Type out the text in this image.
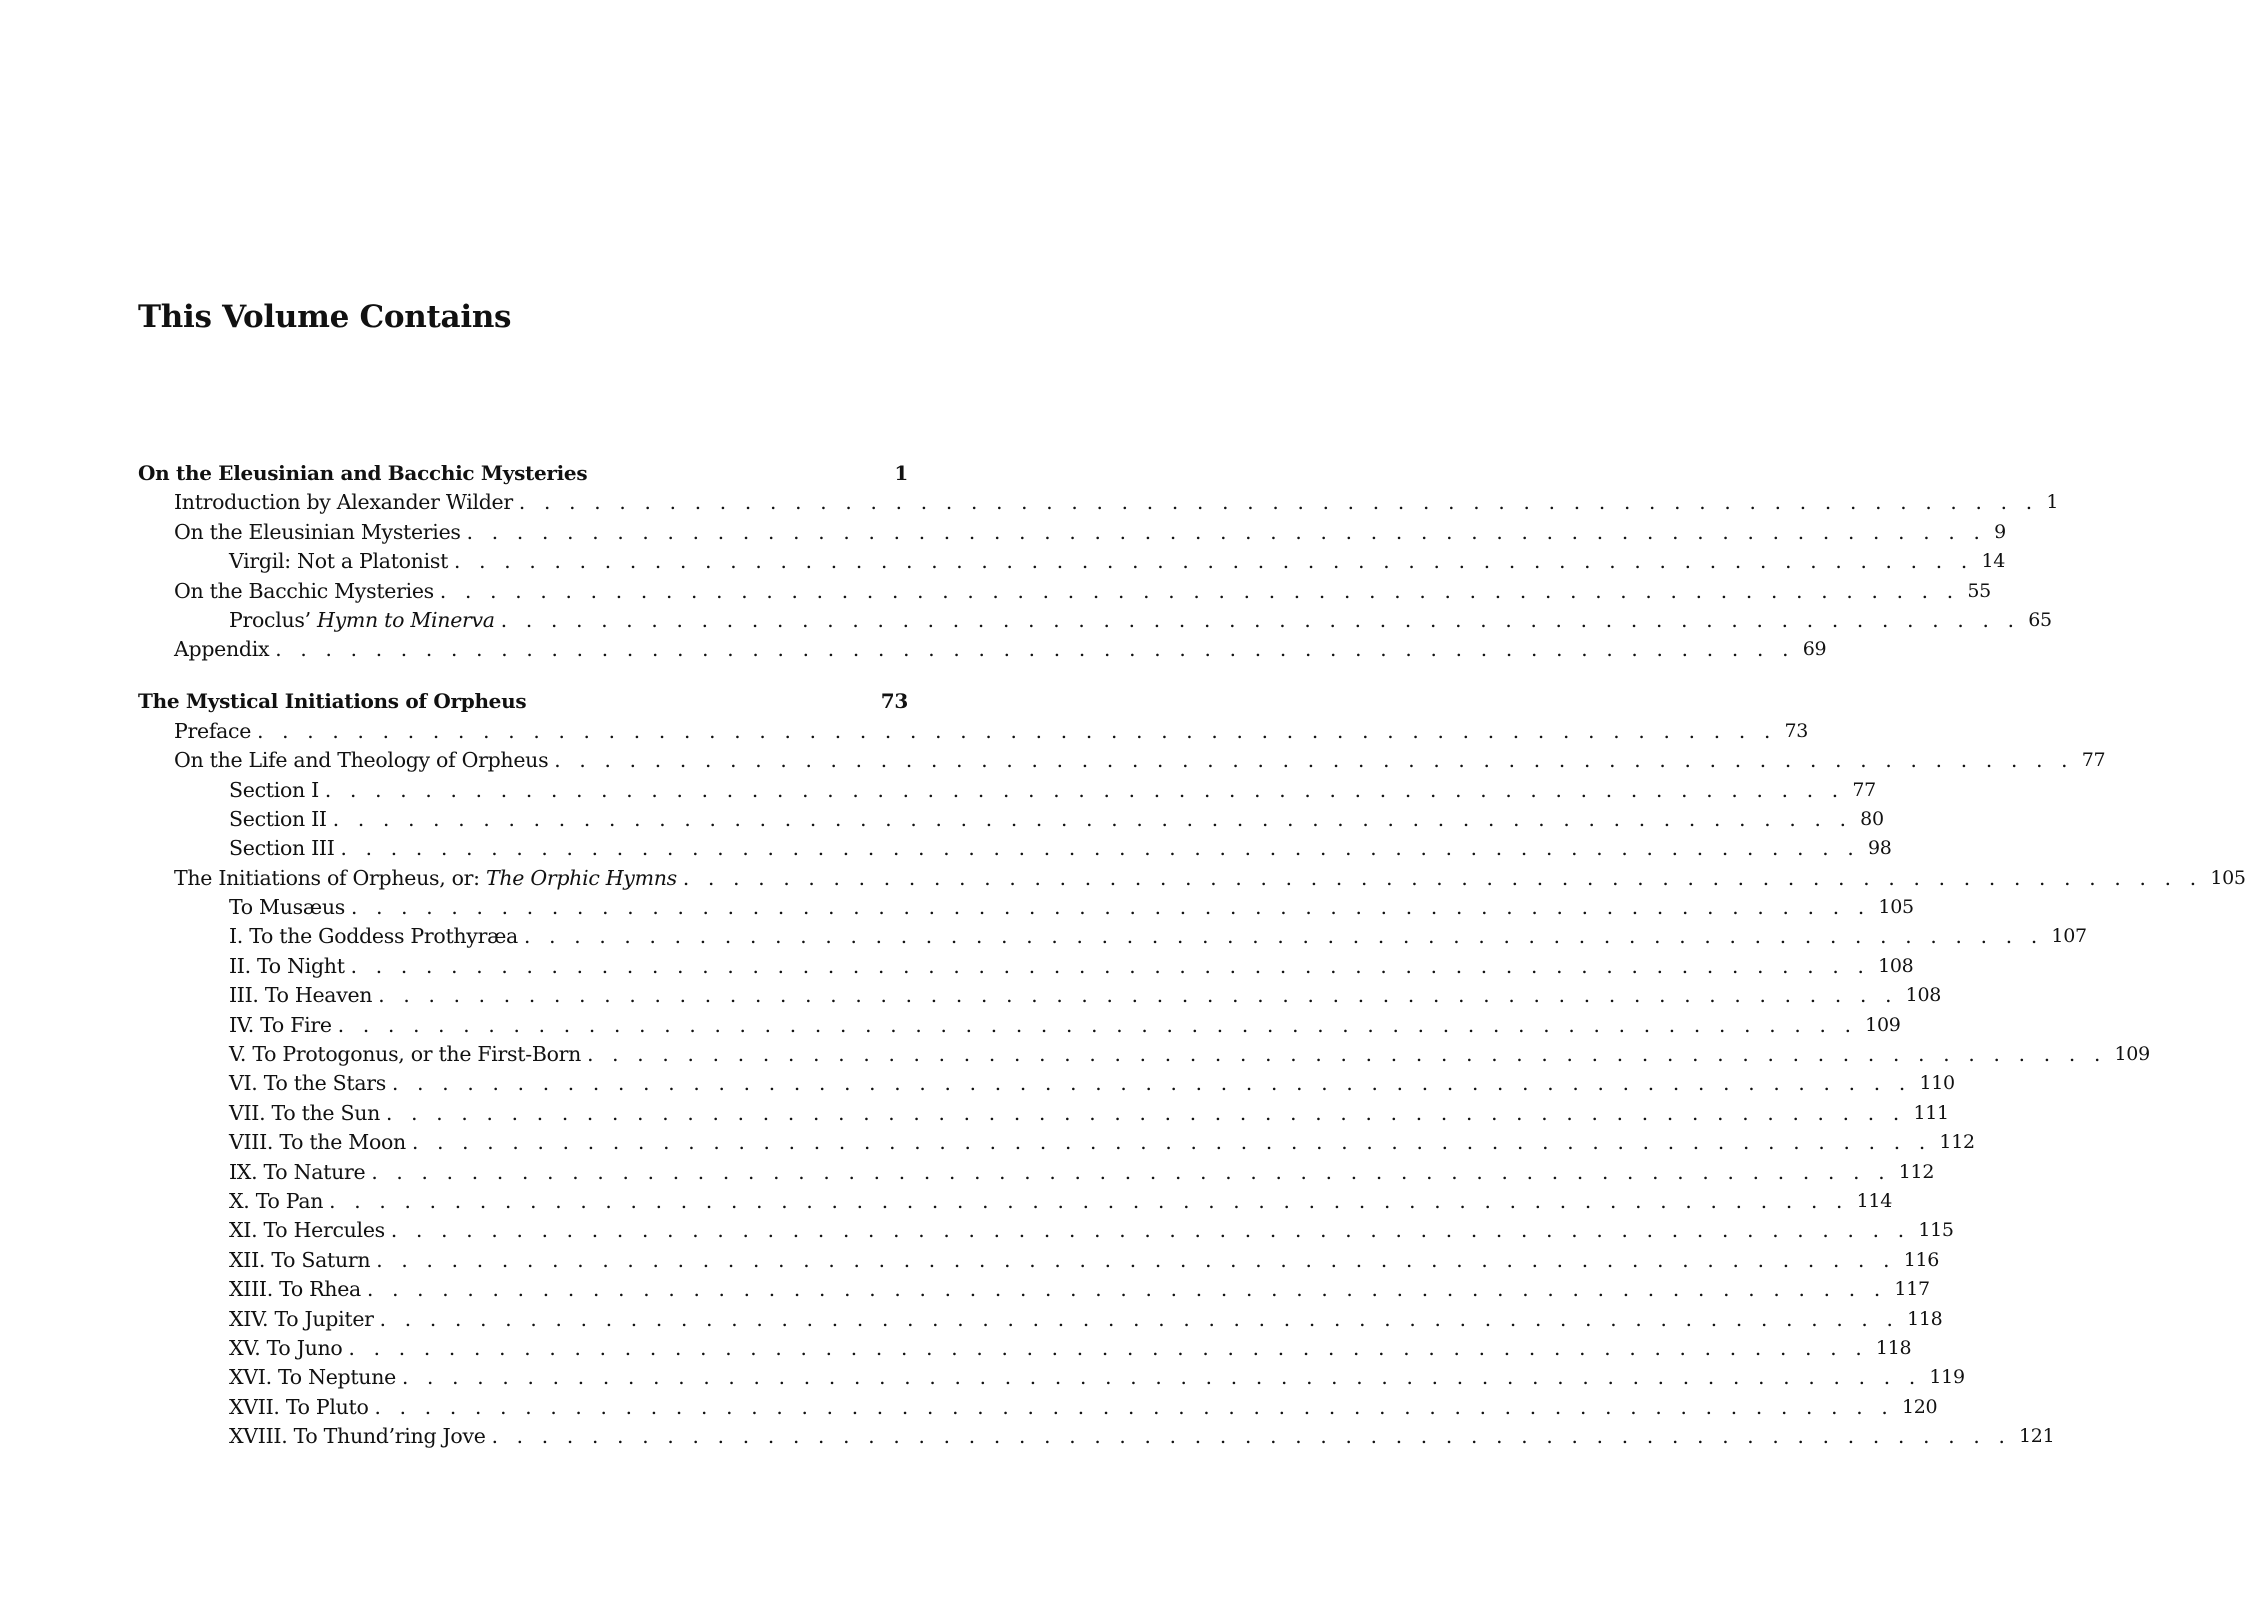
This Volume Contains
On the Eleusinian and Bacchic Mysteries	1
Introduction by Alexander Wilder . . . . . . . . . . . . . . . . . . . . . . . . . . . . . . . . . . . . . . . . . . . . . . . . . . . . . . . . . . . . . 1
On the Eleusinian Mysteries . . . . . . . . . . . . . . . . . . . . . . . . . . . . . . . . . . . . . . . . . . . . . . . . . . . . . . . . . . . . . 9
Virgil: Not a Platonist . . . . . . . . . . . . . . . . . . . . . . . . . . . . . . . . . . . . . . . . . . . . . . . . . . . . . . . . . . . . . 14
On the Bacchic Mysteries . . . . . . . . . . . . . . . . . . . . . . . . . . . . . . . . . . . . . . . . . . . . . . . . . . . . . . . . . . . . . 55
Proclus’ Hymn to Minerva . . . . . . . . . . . . . . . . . . . . . . . . . . . . . . . . . . . . . . . . . . . . . . . . . . . . . . . . . . . . . 65
Appendix . . . . . . . . . . . . . . . . . . . . . . . . . . . . . . . . . . . . . . . . . . . . . . . . . . . . . . . . . . . . . 69
The Mystical Initiations of Orpheus	73
Preface . . . . . . . . . . . . . . . . . . . . . . . . . . . . . . . . . . . . . . . . . . . . . . . . . . . . . . . . . . . . . 73
On the Life and Theology of Orpheus . . . . . . . . . . . . . . . . . . . . . . . . . . . . . . . . . . . . . . . . . . . . . . . . . . . . . . . . . . . . . 77
Section I . . . . . . . . . . . . . . . . . . . . . . . . . . . . . . . . . . . . . . . . . . . . . . . . . . . . . . . . . . . . . 77
Section II . . . . . . . . . . . . . . . . . . . . . . . . . . . . . . . . . . . . . . . . . . . . . . . . . . . . . . . . . . . . . 80
Section III . . . . . . . . . . . . . . . . . . . . . . . . . . . . . . . . . . . . . . . . . . . . . . . . . . . . . . . . . . . . . 98
The Initiations of Orpheus, or: The Orphic Hymns . . . . . . . . . . . . . . . . . . . . . . . . . . . . . . . . . . . . . . . . . . . . . . . . . . . . . . . . . . . . . 105
To Musæus . . . . . . . . . . . . . . . . . . . . . . . . . . . . . . . . . . . . . . . . . . . . . . . . . . . . . . . . . . . . . 105
I. To the Goddess Prothyræa . . . . . . . . . . . . . . . . . . . . . . . . . . . . . . . . . . . . . . . . . . . . . . . . . . . . . . . . . . . . . 107
II. To Night . . . . . . . . . . . . . . . . . . . . . . . . . . . . . . . . . . . . . . . . . . . . . . . . . . . . . . . . . . . . . 108
III. To Heaven . . . . . . . . . . . . . . . . . . . . . . . . . . . . . . . . . . . . . . . . . . . . . . . . . . . . . . . . . . . . . 108
IV. To Fire . . . . . . . . . . . . . . . . . . . . . . . . . . . . . . . . . . . . . . . . . . . . . . . . . . . . . . . . . . . . . 109
V. To Protogonus, or the First-Born . . . . . . . . . . . . . . . . . . . . . . . . . . . . . . . . . . . . . . . . . . . . . . . . . . . . . . . . . . . . . 109
VI. To the Stars . . . . . . . . . . . . . . . . . . . . . . . . . . . . . . . . . . . . . . . . . . . . . . . . . . . . . . . . . . . . . 110
VII. To the Sun . . . . . . . . . . . . . . . . . . . . . . . . . . . . . . . . . . . . . . . . . . . . . . . . . . . . . . . . . . . . . 111
VIII. To the Moon . . . . . . . . . . . . . . . . . . . . . . . . . . . . . . . . . . . . . . . . . . . . . . . . . . . . . . . . . . . . . 112
IX. To Nature . . . . . . . . . . . . . . . . . . . . . . . . . . . . . . . . . . . . . . . . . . . . . . . . . . . . . . . . . . . . . 112
X. To Pan . . . . . . . . . . . . . . . . . . . . . . . . . . . . . . . . . . . . . . . . . . . . . . . . . . . . . . . . . . . . . 114
XI. To Hercules . . . . . . . . . . . . . . . . . . . . . . . . . . . . . . . . . . . . . . . . . . . . . . . . . . . . . . . . . . . . . 115
XII. To Saturn . . . . . . . . . . . . . . . . . . . . . . . . . . . . . . . . . . . . . . . . . . . . . . . . . . . . . . . . . . . . . 116
XIII. To Rhea . . . . . . . . . . . . . . . . . . . . . . . . . . . . . . . . . . . . . . . . . . . . . . . . . . . . . . . . . . . . . 117
XIV. To Jupiter . . . . . . . . . . . . . . . . . . . . . . . . . . . . . . . . . . . . . . . . . . . . . . . . . . . . . . . . . . . . . 118
XV. To Juno . . . . . . . . . . . . . . . . . . . . . . . . . . . . . . . . . . . . . . . . . . . . . . . . . . . . . . . . . . . . . 118
XVI. To Neptune . . . . . . . . . . . . . . . . . . . . . . . . . . . . . . . . . . . . . . . . . . . . . . . . . . . . . . . . . . . . . 119
XVII. To Pluto . . . . . . . . . . . . . . . . . . . . . . . . . . . . . . . . . . . . . . . . . . . . . . . . . . . . . . . . . . . . . 120
XVIII. To Thund’ring Jove . . . . . . . . . . . . . . . . . . . . . . . . . . . . . . . . . . . . . . . . . . . . . . . . . . . . . . . . . . . . . 121
